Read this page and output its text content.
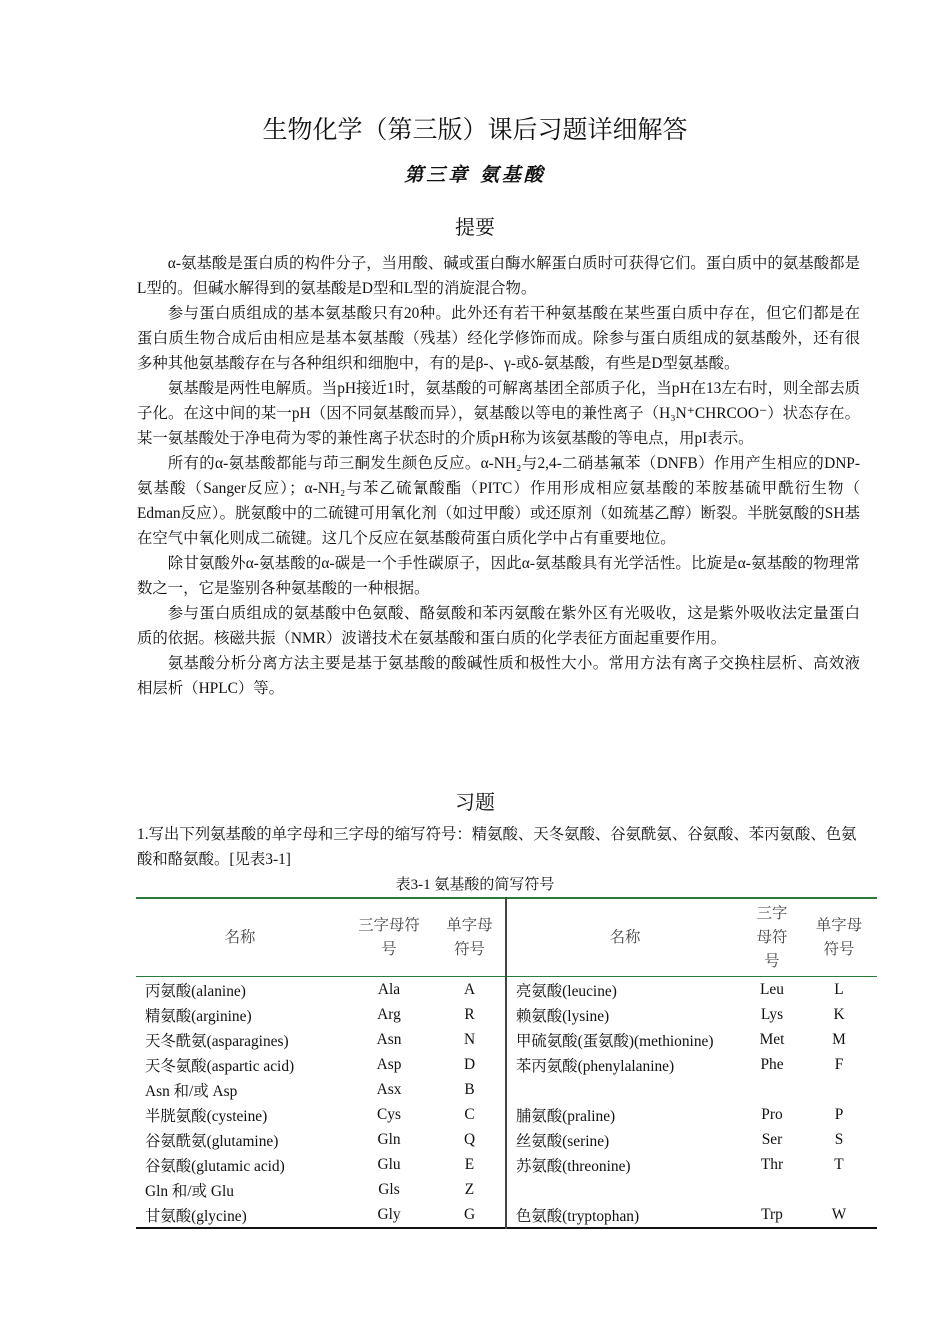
生物化学（第三版）课后习题详细解答
第三章 氨基酸
提要

α-氨基酸是蛋白质的构件分子，当用酸、碱或蛋白酶水解蛋白质时可获得它们。蛋白质中的氨基酸都是L型的。但碱水解得到的氨基酸是D型和L型的消旋混合物。

参与蛋白质组成的基本氨基酸只有20种。此外还有若干种氨基酸在某些蛋白质中存在，但它们都是在蛋白质生物合成后由相应是基本氨基酸（残基）经化学修饰而成。除参与蛋白质组成的氨基酸外，还有很多种其他氨基酸存在与各种组织和细胞中，有的是β-、γ-或δ-氨基酸，有些是D型氨基酸。

氨基酸是两性电解质。当pH接近1时，氨基酸的可解离基团全部质子化，当pH在13左右时，则全部去质子化。在这中间的某一pH（因不同氨基酸而异），氨基酸以等电的兼性离子（H₃N⁺CHRCOO⁻）状态存在。某一氨基酸处于净电荷为零的兼性离子状态时的介质pH称为该氨基酸的等电点，用pI表示。

所有的α-氨基酸都能与茚三酮发生颜色反应。α-NH₂与2,4-二硝基氟苯（DNFB）作用产生相应的DNP-氨基酸（Sanger反应）；α-NH₂与苯乙硫氰酸酯（PITC）作用形成相应氨基酸的苯胺基硫甲酰衍生物（ Edman反应）。胱氨酸中的二硫键可用氧化剂（如过甲酸）或还原剂（如巯基乙醇）断裂。半胱氨酸的SH基在空气中氧化则成二硫键。这几个反应在氨基酸荷蛋白质化学中占有重要地位。

除甘氨酸外α-氨基酸的α-碳是一个手性碳原子，因此α-氨基酸具有光学活性。比旋是α-氨基酸的物理常数之一，它是鉴别各种氨基酸的一种根据。

参与蛋白质组成的氨基酸中色氨酸、酪氨酸和苯丙氨酸在紫外区有光吸收，这是紫外吸收法定量蛋白质的依据。核磁共振（NMR）波谱技术在氨基酸和蛋白质的化学表征方面起重要作用。

氨基酸分析分离方法主要是基于氨基酸的酸碱性质和极性大小。常用方法有离子交换柱层析、高效液相层析（HPLC）等。

习题

1.写出下列氨基酸的单字母和三字母的缩写符号：精氨酸、天冬氨酸、谷氨酰氨、谷氨酸、苯丙氨酸、色氨酸和酪氨酸。[见表3-1]

表3-1 氨基酸的简写符号
名称	三字母符号	单字母符号	名称	三字母符号	单字母符号
丙氨酸(alanine)	Ala	A	亮氨酸(leucine)	Leu	L
精氨酸(arginine)	Arg	R	赖氨酸(lysine)	Lys	K
天冬酰氨(asparagines)	Asn	N	甲硫氨酸(蛋氨酸)(methionine)	Met	M
天冬氨酸(aspartic acid)	Asp	D	苯丙氨酸(phenylalanine)	Phe	F
Asn 和/或 Asp	Asx	B			
半胱氨酸(cysteine)	Cys	C	脯氨酸(praline)	Pro	P
谷氨酰氨(glutamine)	Gln	Q	丝氨酸(serine)	Ser	S
谷氨酸(glutamic acid)	Glu	E	苏氨酸(threonine)	Thr	T
Gln 和/或 Glu	Gls	Z			
甘氨酸(glycine)	Gly	G	色氨酸(tryptophan)	Trp	W
